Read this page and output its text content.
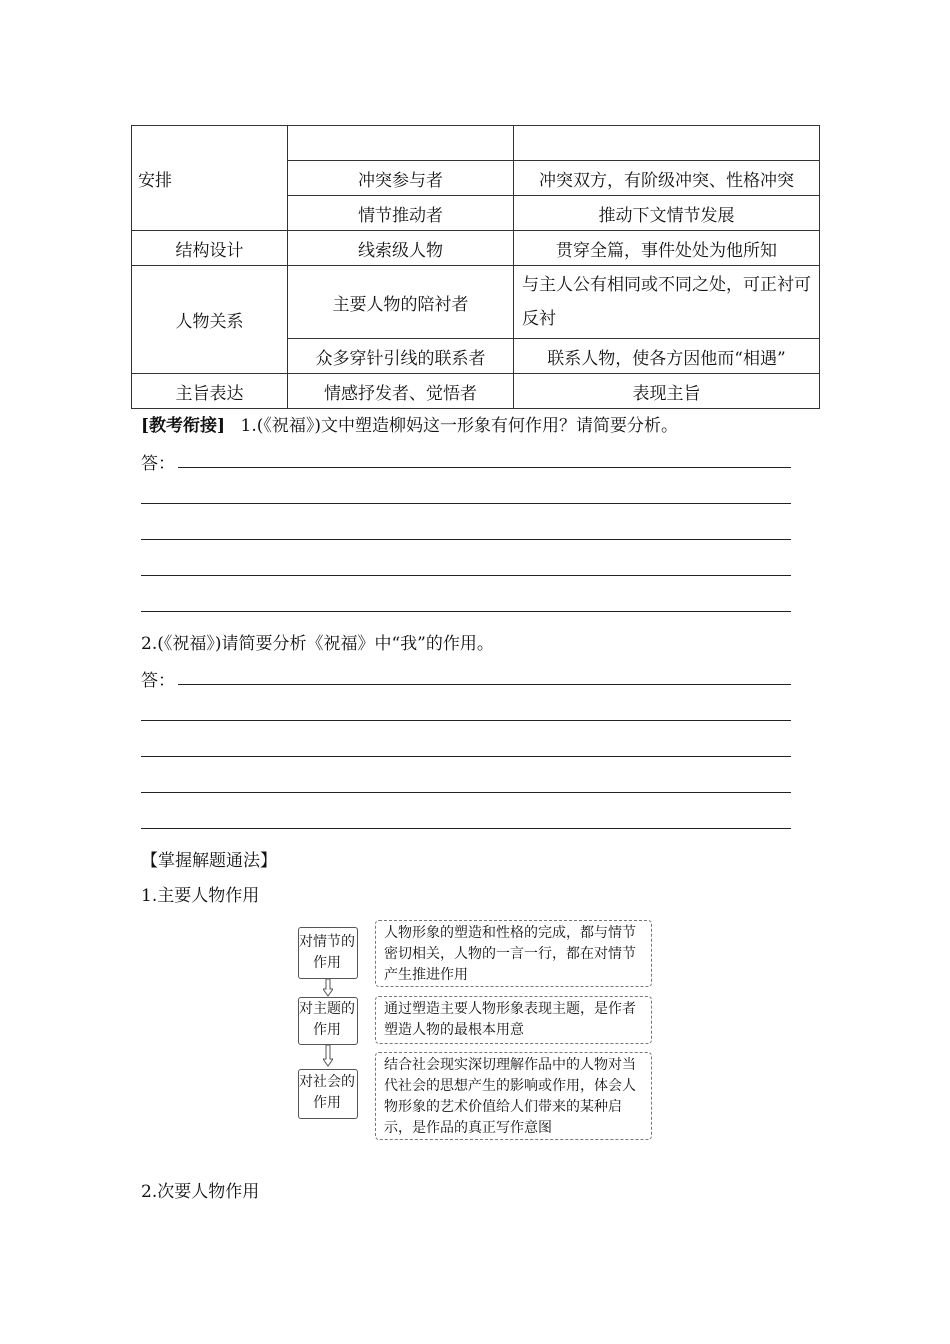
安排		
	冲突参与者	冲突双方，有阶级冲突、性格冲突
	情节推动者	推动下文情节发展
结构设计	线索级人物	贯穿全篇，事件处处为他所知
人物关系	主要人物的陪衬者	与主人公有相同或不同之处，可正衬可反衬
	众多穿针引线的联系者	联系人物，使各方因他而“相遇”
主旨表达	情感抒发者、觉悟者	表现主旨
[教考衔接] 1.(《祝福》)文中塑造柳妈这一形象有何作用？请简要分析。
答：
2.(《祝福》)请简要分析《祝福》中“我”的作用。
答：
【掌握解题通法】
1.主要人物作用
对情节的作用
人物形象的塑造和性格的完成，都与情节密切相关，人物的一言一行，都在对情节产生推进作用
对主题的作用
通过塑造主要人物形象表现主题，是作者塑造人物的最根本用意
对社会的作用
结合社会现实深切理解作品中的人物对当代社会的思想产生的影响或作用，体会人物形象的艺术价值给人们带来的某种启示，是作品的真正写作意图
2.次要人物作用
